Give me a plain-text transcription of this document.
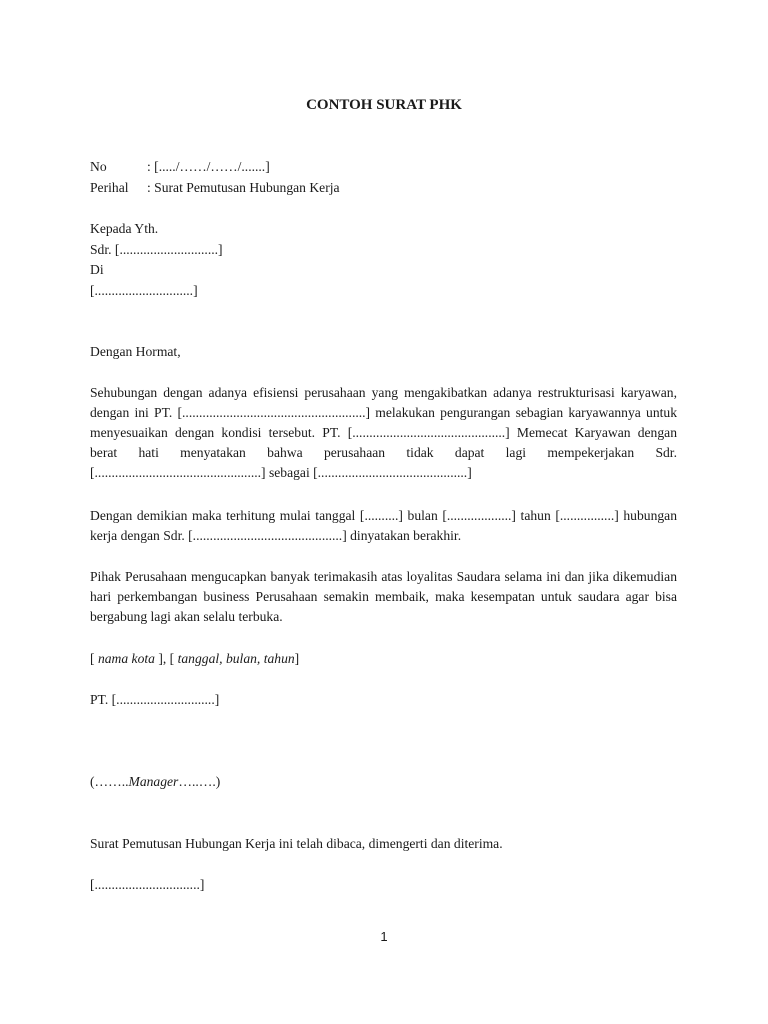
CONTOH SURAT PHK
No	: [...../……/……/.......]
Perihal : Surat Pemutusan Hubungan Kerja
Kepada Yth.
Sdr. [.............................]
Di
[.............................]
Dengan Hormat,
Sehubungan dengan adanya efisiensi perusahaan yang mengakibatkan adanya restrukturisasi karyawan, dengan ini PT. [......................................................] melakukan pengurangan sebagian karyawannya untuk menyesuaikan dengan kondisi tersebut. PT. [.............................................] Memecat Karyawan dengan berat hati menyatakan bahwa perusahaan tidak dapat lagi mempekerjakan Sdr. [.................................................] sebagai [............................................]
Dengan demikian maka terhitung mulai tanggal [..........] bulan [...................] tahun [................] hubungan kerja dengan Sdr. [............................................] dinyatakan berakhir.
Pihak Perusahaan mengucapkan banyak terimakasih atas loyalitas Saudara selama ini dan jika dikemudian hari perkembangan business Perusahaan semakin membaik, maka kesempatan untuk saudara agar bisa bergabung lagi akan selalu terbuka.
[ nama kota ], [ tanggal, bulan, tahun]
PT. [.............................]
(……..Manager…..….)
Surat Pemutusan Hubungan Kerja ini telah dibaca, dimengerti dan diterima.
[...............................]
1
